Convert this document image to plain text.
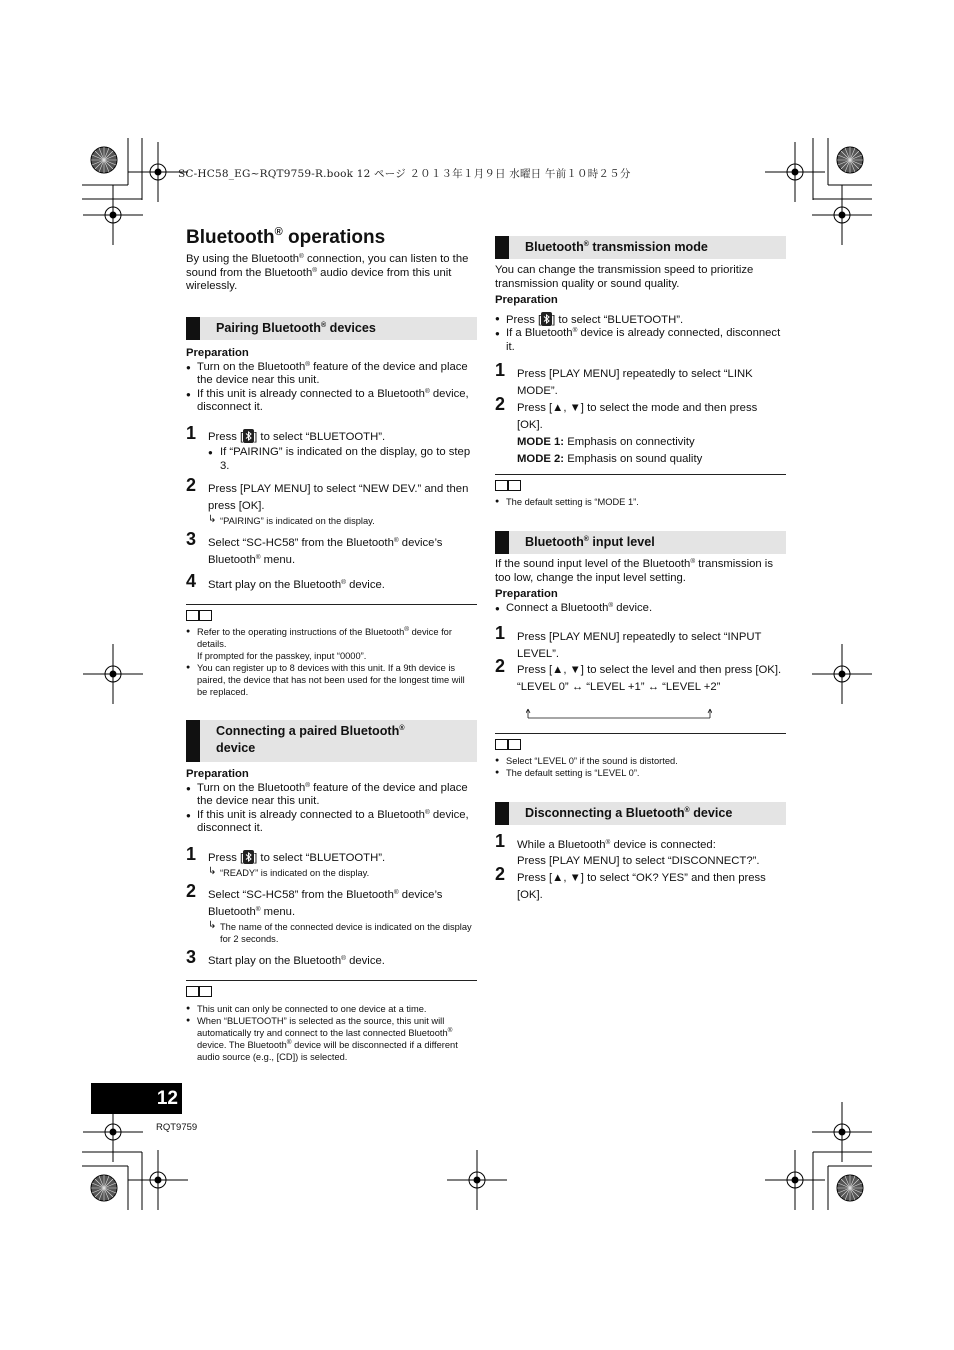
SC-HC58_EG~RQT9759-R.book 12 ページ ２０１３年１月９日 水曜日 午前１０時２５分
Bluetooth® operations

By using the Bluetooth® connection, you can listen to the sound from the Bluetooth® audio device from this unit wirelessly.

Pairing Bluetooth® devices

Preparation

● Turn on the Bluetooth® feature of the device and place the device near this unit.

● If this unit is already connected to a Bluetooth® device, disconnect it.

1 Press [ ] to select “BLUETOOTH”.

● If “PAIRING” is indicated on the display, go to step 3.

2 Press [PLAY MENU] to select “NEW DEV.” and then press [OK].

↳ “PAIRING” is indicated on the display.

3 Select “SC-HC58” from the Bluetooth® device’s Bluetooth® menu.

4 Start play on the Bluetooth® device.

● Refer to the operating instructions of the Bluetooth® device for details.
If prompted for the passkey, input “0000”.

● You can register up to 8 devices with this unit. If a 9th device is paired, the device that has not been used for the longest time will be replaced.

Connecting a paired Bluetooth®
device

Preparation

● Turn on the Bluetooth® feature of the device and place the device near this unit.

● If this unit is already connected to a Bluetooth® device, disconnect it.

1 Press [ ] to select “BLUETOOTH”.

↳ “READY” is indicated on the display.

2 Select “SC-HC58” from the Bluetooth® device’s Bluetooth® menu.

↳ The name of the connected device is indicated on the display for 2 seconds.

3 Start play on the Bluetooth® device.

● This unit can only be connected to one device at a time.

● When “BLUETOOTH” is selected as the source, this unit will automatically try and connect to the last connected Bluetooth® device. The Bluetooth® device will be disconnected if a different audio source (e.g., [CD]) is selected.

Bluetooth® transmission mode

You can change the transmission speed to prioritize transmission quality or sound quality.

Preparation

● Press [ ] to select “BLUETOOTH”.

● If a Bluetooth® device is already connected, disconnect it.

1 Press [PLAY MENU] repeatedly to select “LINK MODE”.

2 Press [▲, ▼] to select the mode and then press [OK].

MODE 1: Emphasis on connectivity

MODE 2: Emphasis on sound quality

● The default setting is “MODE 1”.

Bluetooth® input level

If the sound input level of the Bluetooth® transmission is too low, change the input level setting.

Preparation

● Connect a Bluetooth® device.

1 Press [PLAY MENU] repeatedly to select “INPUT LEVEL”.

2 Press [▲, ▼] to select the level and then press [OK].

“LEVEL 0” ↔ “LEVEL +1” ↔ “LEVEL +2”

● Select “LEVEL 0” if the sound is distorted.

● The default setting is “LEVEL 0”.

Disconnecting a Bluetooth® device

1 While a Bluetooth® device is connected:
Press [PLAY MENU] to select “DISCONNECT?”.

2 Press [▲, ▼] to select “OK? YES” and then press [OK].

12
RQT9759
